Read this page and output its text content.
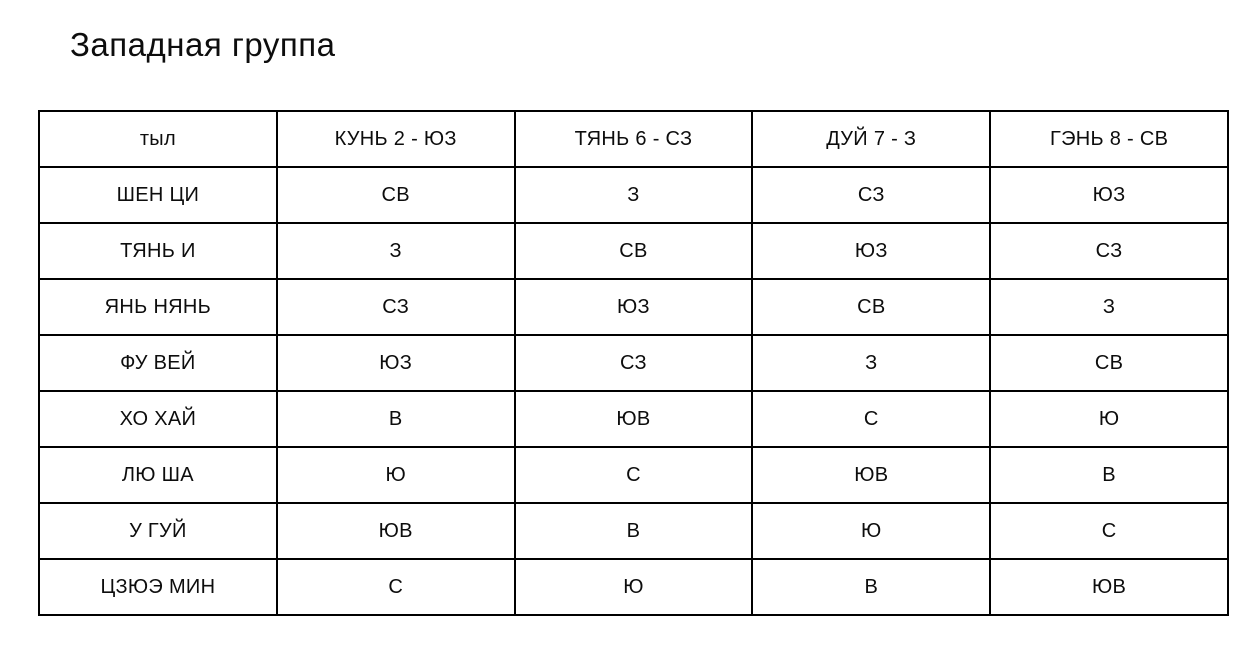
Западная группа
тыл	КУНЬ 2 - ЮЗ	ТЯНЬ 6 - СЗ	ДУЙ 7 - З	ГЭНЬ 8 - СВ
ШЕН ЦИ	СВ	З	СЗ	ЮЗ
ТЯНЬ И	З	СВ	ЮЗ	СЗ
ЯНЬ НЯНЬ	СЗ	ЮЗ	СВ	З
ФУ ВЕЙ	ЮЗ	СЗ	З	СВ
ХО ХАЙ	В	ЮВ	С	Ю
ЛЮ ША	Ю	С	ЮВ	В
У ГУЙ	ЮВ	В	Ю	С
ЦЗЮЭ МИН	С	Ю	В	ЮВ
